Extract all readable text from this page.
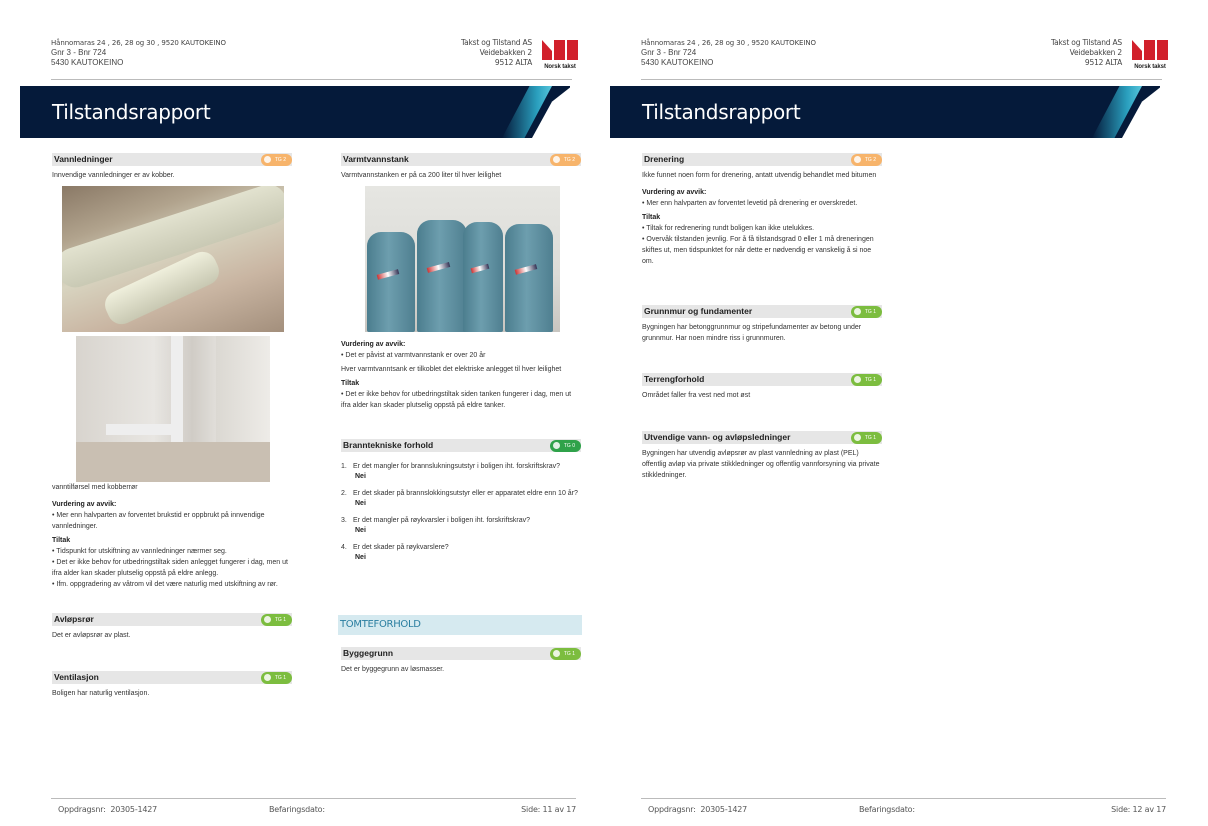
Hånnomaras 24 , 26, 28 og 30 , 9520 KAUTOKEINO
Gnr 3 - Bnr 724
5430 KAUTOKEINO
Takst og Tilstand AS
Veidebakken 2
9512 ALTA	Norsk takst
Tilstandsrapport
Vannledninger	TG 2
Innvendige vannledninger er av kobber.
vanntilførsel med kobberrør
Vurdering av avvik:
• Mer enn halvparten av forventet brukstid er oppbrukt på innvendige vannledninger.
Tiltak
• Tidspunkt for utskiftning av vannledninger nærmer seg.
• Det er ikke behov for utbedringstiltak siden anlegget fungerer i dag, men ut ifra alder kan skader plutselig oppstå på eldre anlegg.
• Ifm. oppgradering av våtrom vil det være naturlig med utskiftning av rør.
Avløpsrør	TG 1
Det er avløpsrør av plast.
Ventilasjon	TG 1
Boligen har naturlig ventilasjon.
Varmtvannstank	TG 2
Varmtvannstanken er på ca 200 liter til hver leilighet
Vurdering av avvik:
• Det er påvist at varmtvannstank er over 20 år
Hver varmtvanntsank er tilkoblet det elektriske anlegget til hver leilighet
Tiltak
• Det er ikke behov for utbedringstiltak siden tanken fungerer i dag, men ut ifra alder kan skader plutselig oppstå på eldre tanker.
Branntekniske forhold	TG 0
1. Er det mangler for brannslukningsutstyr i boligen iht. forskriftskrav?
Nei
2. Er det skader på brannslokkingsutstyr eller er apparatet eldre enn 10 år?
Nei
3. Er det mangler på røykvarsler i boligen iht. forskriftskrav?
Nei
4. Er det skader på røykvarslere?
Nei
TOMTEFORHOLD
Byggegrunn	TG 1
Det er byggegrunn av løsmasser.
Oppdragsnr: 20305-1427	Befaringsdato:	Side: 11 av 17
Hånnomaras 24 , 26, 28 og 30 , 9520 KAUTOKEINO
Gnr 3 - Bnr 724
5430 KAUTOKEINO
Takst og Tilstand AS
Veidebakken 2
9512 ALTA	Norsk takst
Tilstandsrapport
Drenering	TG 2
Ikke funnet noen form for drenering, antatt utvendig behandlet med bitumen
Vurdering av avvik:
• Mer enn halvparten av forventet levetid på drenering er overskredet.
Tiltak
• Tiltak for redrenering rundt boligen kan ikke utelukkes.
• Overvåk tilstanden jevnlig. For å få tilstandsgrad 0 eller 1 må dreneringen skiftes ut, men tidspunktet for når dette er nødvendig er vanskelig å si noe om.
Grunnmur og fundamenter	TG 1
Bygningen har betonggrunnmur og stripefundamenter av betong under grunnmur. Har noen mindre riss i grunnmuren.
Terrengforhold	TG 1
Området faller fra vest ned mot øst
Utvendige vann- og avløpsledninger	TG 1
Bygningen har utvendig avløpsrør av plast vannledning av plast (PEL) offentlig avløp via private stikkledninger og offentlig vannforsyning via private stikkledninger.
Oppdragsnr: 20305-1427	Befaringsdato:	Side: 12 av 17
